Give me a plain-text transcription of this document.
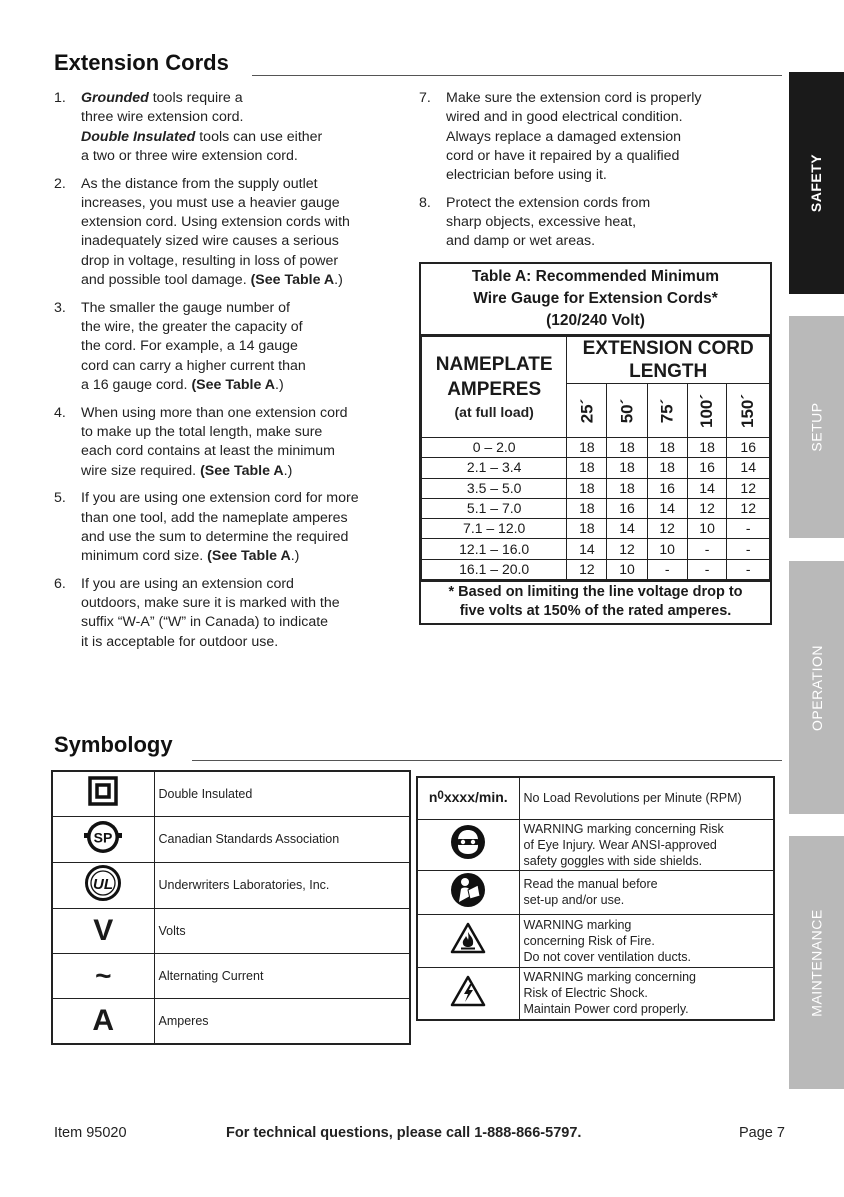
Extension Cords
1.	Grounded tools require a
three wire extension cord.
Double Insulated tools can use either
a two or three wire extension cord.
2.	As the distance from the supply outlet
increases, you must use a heavier gauge
extension cord. Using extension cords with
inadequately sized wire causes a serious
drop in voltage, resulting in loss of power
and possible tool damage. (See Table A.)
3.	The smaller the gauge number of
the wire, the greater the capacity of
the cord. For example, a 14 gauge
cord can carry a higher current than
a 16 gauge cord. (See Table A.)
4.	When using more than one extension cord
to make up the total length, make sure
each cord contains at least the minimum
wire size required. (See Table A.)
5.	If you are using one extension cord for more
than one tool, add the nameplate amperes
and use the sum to determine the required
minimum cord size. (See Table A.)
6.	If you are using an extension cord
outdoors, make sure it is marked with the
suffix “W-A” (“W” in Canada) to indicate
it is acceptable for outdoor use.
7.	Make sure the extension cord is properly
wired and in good electrical condition.
Always replace a damaged extension
cord or have it repaired by a qualified
electrician before using it.
8.	Protect the extension cords from
sharp objects, excessive heat,
and damp or wet areas.
Table A: Recommended Minimum
Wire Gauge for Extension Cords*
(120/240 Volt)
NAMEPLATE
AMPERES
(at full load)	EXTENSION CORD
LENGTH				

	25´	50´	75´	100´	150´
0 – 2.0	18	18	18	18	16
2.1 – 3.4	18	18	18	16	14
3.5 – 5.0	18	18	16	14	12
5.1 – 7.0	18	16	14	12	12
7.1 – 12.0	18	14	12	10	-
12.1 – 16.0	14	12	10	-	-
16.1 – 20.0	12	10	-	-	-
* Based on limiting the line voltage drop to
five volts at 150% of the rated amperes.
Symbology

Double Insulated

SP	Canadian Standards Association

UL	Underwriters Laboratories, Inc.

V	Volts

~	Alternating Current

A	Amperes
n 0 xxxx/min.	No Load Revolutions per Minute (RPM)

WARNING marking concerning Risk
of Eye Injury. Wear ANSI-approved
safety goggles with side shields.

Read the manual before
set-up and/or use.

WARNING marking
concerning Risk of Fire.
Do not cover ventilation ducts.

WARNING marking concerning
Risk of Electric Shock.
Maintain Power cord properly.
SAFETY
SETUP
OPERATION
MAINTENANCE
Item 95020	For technical questions, please call 1-888-866-5797.	Page 7
